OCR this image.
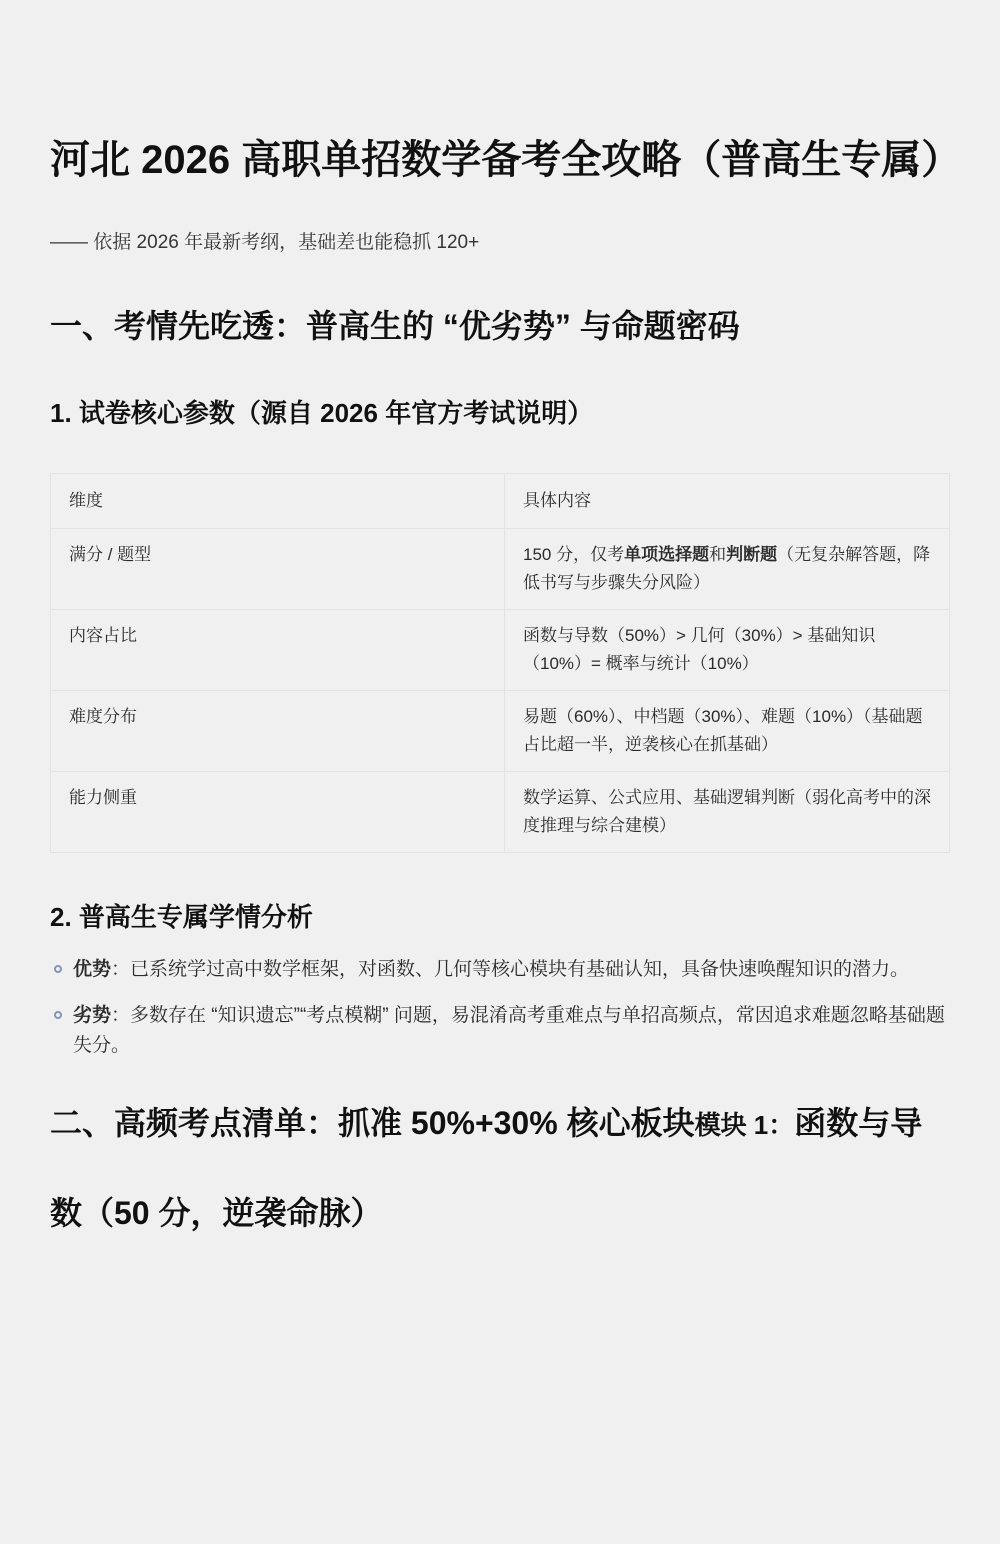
河北 2026 高职单招数学备考全攻略（普高生专属）

—— 依据 2026 年最新考纲，基础差也能稳抓 120+

一、考情先吃透：普高生的 “优劣势” 与命题密码
1. 试卷核心参数（源自 2026 年官方考试说明）
维度	具体内容
满分 / 题型	150 分，仅考单项选择题和判断题（无复杂解答题，降低书写与步骤失分风险）
内容占比	函数与导数（50%）> 几何（30%）> 基础知识（10%）= 概率与统计（10%）
难度分布	易题（60%）、中档题（30%）、难题（10%）（基础题占比超一半，逆袭核心在抓基础）
能力侧重	数学运算、公式应用、基础逻辑判断（弱化高考中的深度推理与综合建模）
2. 普高生专属学情分析
优势：已系统学过高中数学框架，对函数、几何等核心模块有基础认知，具备快速唤醒知识的潜力。
劣势：多数存在 “知识遗忘”“考点模糊” 问题，易混淆高考重难点与单招高频点，常因追求难题忽略基础题失分。
二、高频考点清单：抓准 50%+30% 核心板块模块 1：函数与导数（50 分，逆袭命脉）
